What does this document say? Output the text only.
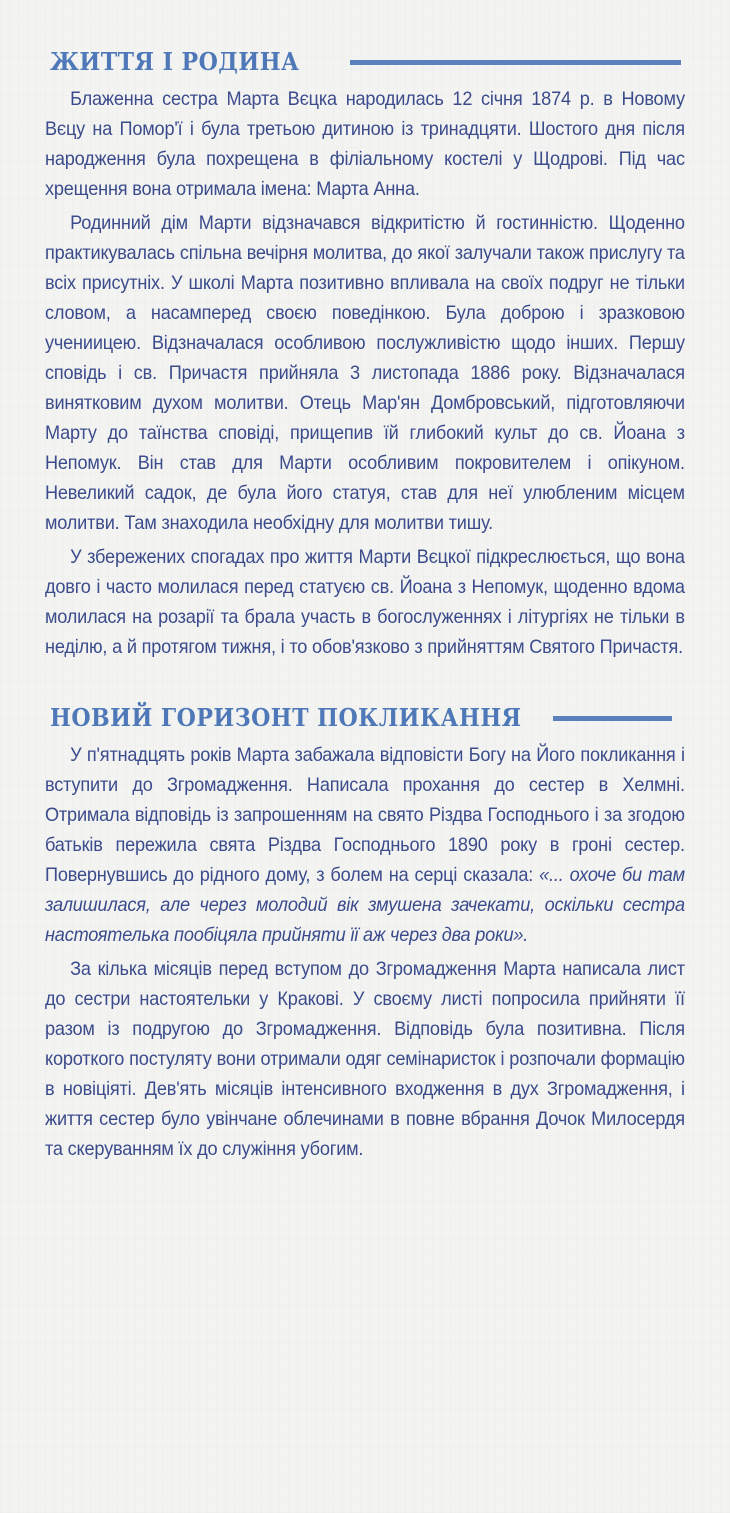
ЖИТТЯ І РОДИНА

Блаженна сестра Марта Вєцка народилась 12 січня 1874 р. в Новому Вєцу на Помор'ї і була третьою дитиною із тринадцяти. Шостого дня після народження була похрещена в філіальному костелі у Щодрові. Під час хрещення вона отримала імена: Марта Анна.

Родинний дім Марти відзначався відкритістю й гостинністю. Щоденно практикувалась спільна вечірня молитва, до якої залучали також прислугу та всіх присутніх. У школі Марта позитивно впливала на своїх подруг не тільки словом, а насамперед своєю поведінкою. Була доброю і зразковою учениицею. Відзначалася особливою послужливістю щодо інших. Першу сповідь і св. Причастя прийняла 3 листопада 1886 року. Відзначалася винятковим духом молитви. Отець Мар'ян Домбровський, підготовляючи Марту до таїнства сповіді, прищепив їй глибокий культ до св. Йоана з Непомук. Він став для Марти особливим покровителем і опікуном. Невеликий садок, де була його статуя, став для неї улюбленим місцем молитви. Там знаходила необхідну для молитви тишу.

У збережених спогадах про життя Марти Вєцкої підкреслюється, що вона довго і часто молилася перед статуєю св. Йоана з Непомук, щоденно вдома молилася на розарії та брала участь в богослуженнях і літургіях не тільки в неділю, а й протягом тижня, і то обов'язково з прийняттям Святого Причастя.

НОВИЙ ГОРИЗОНТ ПОКЛИКАННЯ

У п'ятнадцять років Марта забажала відповісти Богу на Його покликання і вступити до Згромадження. Написала прохання до сестер в Хелмні. Отримала відповідь із запрошенням на свято Різдва Господнього і за згодою батьків пережила свята Різдва Господнього 1890 року в гроні сестер. Повернувшись до рідного дому, з болем на серці сказала: «... охоче би там залишилася, але через молодий вік змушена зачекати, оскільки сестра настоятелька пообіцяла прийняти її аж через два роки».

За кілька місяців перед вступом до Згромадження Марта написала лист до сестри настоятельки у Кракові. У своєму листі попросила прийняти її разом із подругою до Згромадження. Відповідь була позитивна. Після короткого постуляту вони отримали одяг семінаристок і розпочали формацію в новіціяті. Дев'ять місяців інтенсивного входження в дух Згромадження, і життя сестер було увінчане облечинами в повне вбрання Дочок Милосердя та скеруванням їх до служіння убогим.
